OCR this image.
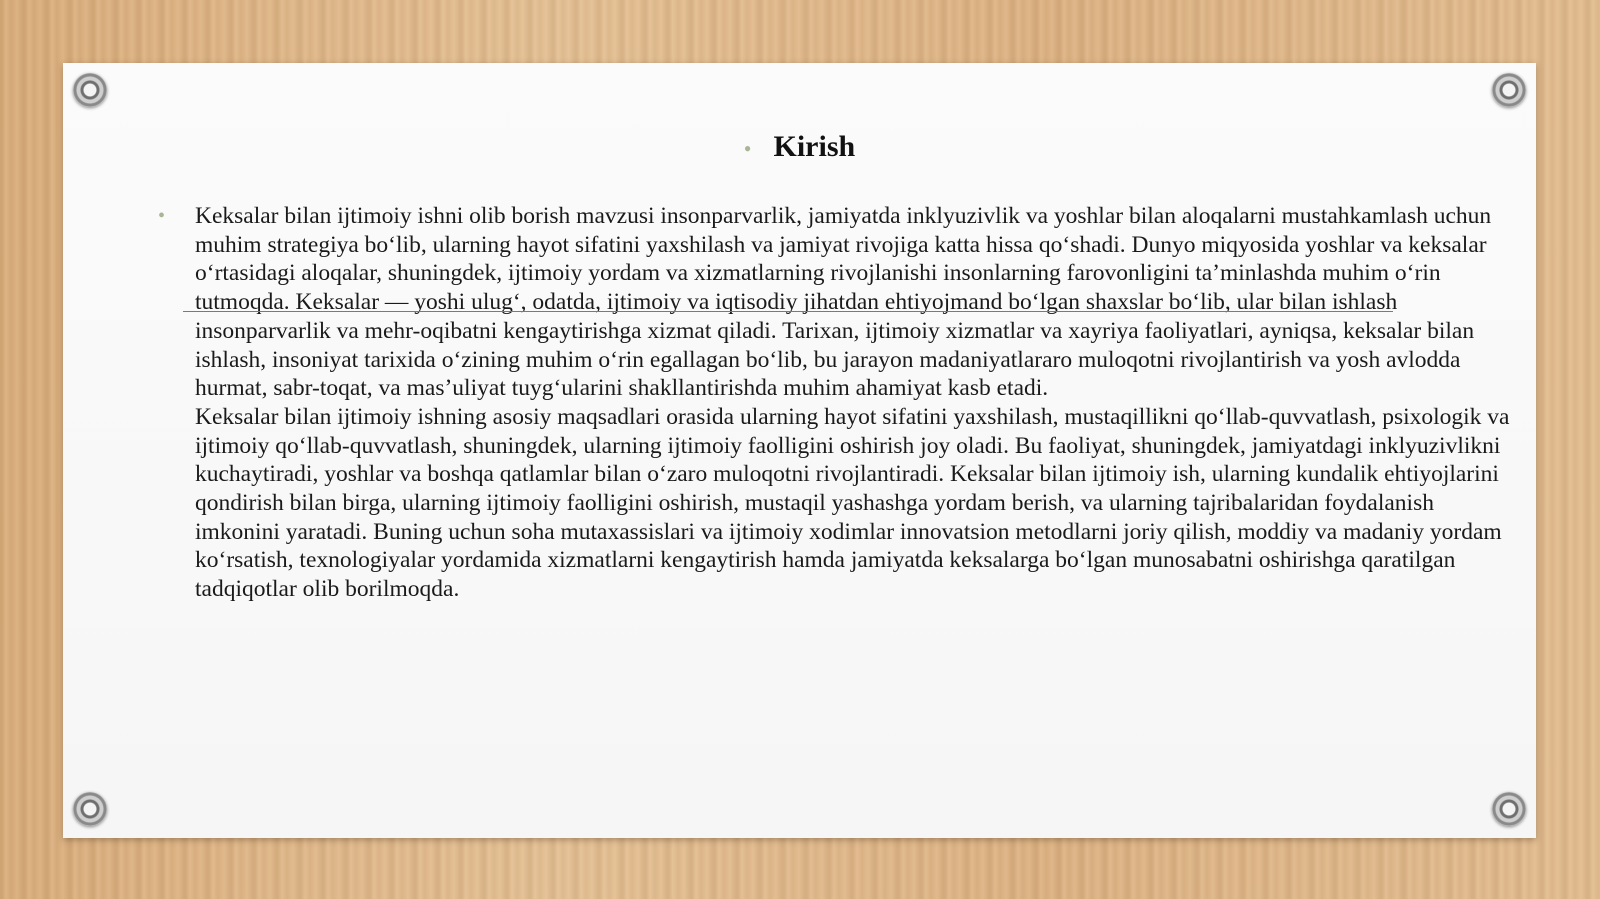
• Kirish
• Keksalar bilan ijtimoiy ishni olib borish mavzusi insonparvarlik, jamiyatda inklyuzivlik va yoshlar bilan aloqalarni mustahkamlash uchun muhim strategiya bo‘lib, ularning hayot sifatini yaxshilash va jamiyat rivojiga katta hissa qo‘shadi. Dunyo miqyosida yoshlar va keksalar o‘rtasidagi aloqalar, shuningdek, ijtimoiy yordam va xizmatlarning rivojlanishi insonlarning farovonligini ta’minlashda muhim o‘rin tutmoqda. Keksalar — yoshi ulug‘, odatda, ijtimoiy va iqtisodiy jihatdan ehtiyojmand bo‘lgan shaxslar bo‘lib, ular bilan ishlash insonparvarlik va mehr-oqibatni kengaytirishga xizmat qiladi. Tarixan, ijtimoiy xizmatlar va xayriya faoliyatlari, ayniqsa, keksalar bilan ishlash, insoniyat tarixida o‘zining muhim o‘rin egallagan bo‘lib, bu jarayon madaniyatlararo muloqotni rivojlantirish va yosh avlodda hurmat, sabr-toqat, va mas’uliyat tuyg‘ularini shakllantirishda muhim ahamiyat kasb etadi.

Keksalar bilan ijtimoiy ishning asosiy maqsadlari orasida ularning hayot sifatini yaxshilash, mustaqillikni qo‘llab-quvvatlash, psixologik va ijtimoiy qo‘llab-quvvatlash, shuningdek, ularning ijtimoiy faolligini oshirish joy oladi. Bu faoliyat, shuningdek, jamiyatdagi inklyuzivlikni kuchaytiradi, yoshlar va boshqa qatlamlar bilan o‘zaro muloqotni rivojlantiradi. Keksalar bilan ijtimoiy ish, ularning kundalik ehtiyojlarini qondirish bilan birga, ularning ijtimoiy faolligini oshirish, mustaqil yashashga yordam berish, va ularning tajribalaridan foydalanish imkonini yaratadi. Buning uchun soha mutaxassislari va ijtimoiy xodimlar innovatsion metodlarni joriy qilish, moddiy va madaniy yordam ko‘rsatish, texnologiyalar yordamida xizmatlarni kengaytirish hamda jamiyatda keksalarga bo‘lgan munosabatni oshirishga qaratilgan tadqiqotlar olib borilmoqda.
